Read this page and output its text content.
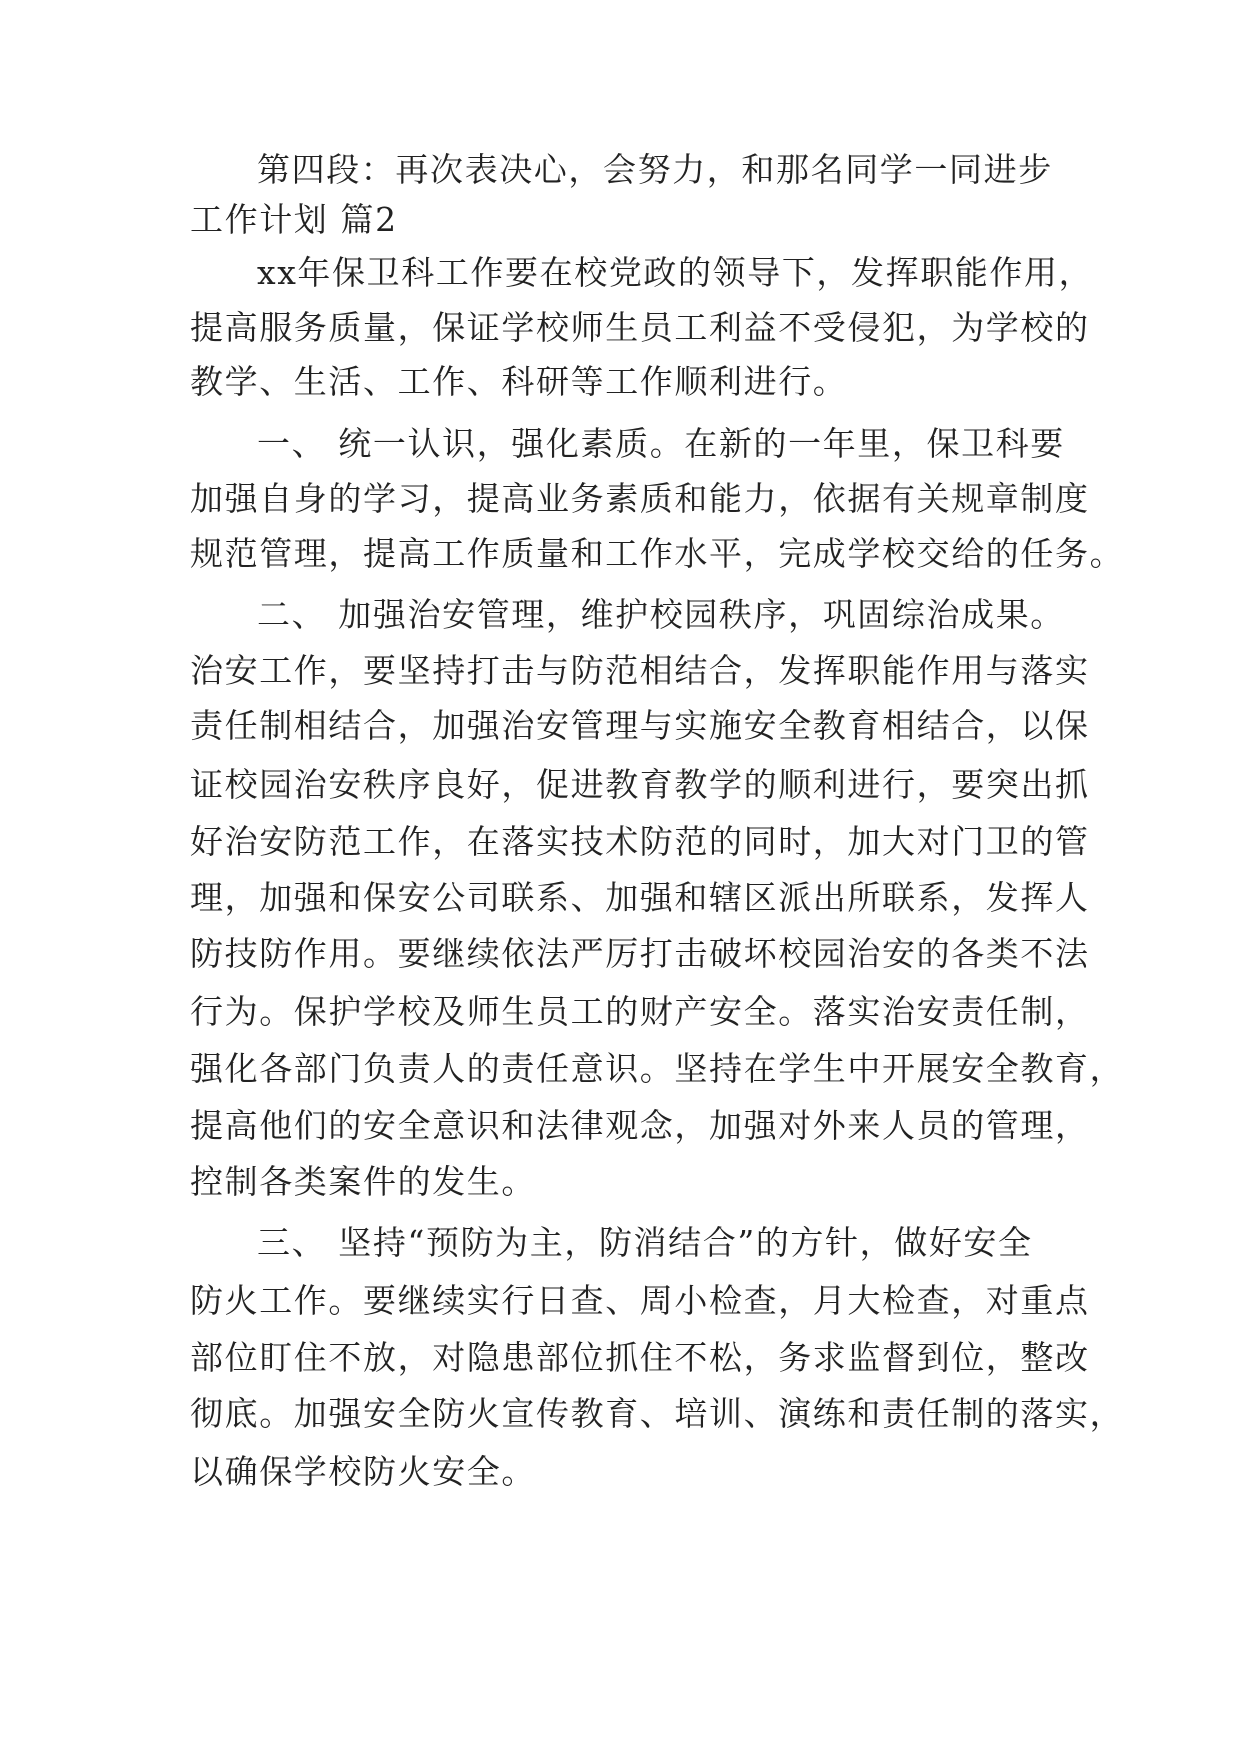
第四段：再次表决心，会努力，和那名同学一同进步
工作计划 篇2
xx年保卫科工作要在校党政的领导下，发挥职能作用，
提高服务质量，保证学校师生员工利益不受侵犯，为学校的
教学、生活、工作、科研等工作顺利进行。
一、 统一认识，强化素质。在新的一年里，保卫科要
加强自身的学习，提高业务素质和能力，依据有关规章制度
规范管理，提高工作质量和工作水平，完成学校交给的任务。
二、 加强治安管理，维护校园秩序，巩固综治成果。
治安工作，要坚持打击与防范相结合，发挥职能作用与落实
责任制相结合，加强治安管理与实施安全教育相结合，以保
证校园治安秩序良好，促进教育教学的顺利进行，要突出抓
好治安防范工作，在落实技术防范的同时，加大对门卫的管
理，加强和保安公司联系、加强和辖区派出所联系，发挥人
防技防作用。要继续依法严厉打击破坏校园治安的各类不法
行为。保护学校及师生员工的财产安全。落实治安责任制，
强化各部门负责人的责任意识。坚持在学生中开展安全教育，
提高他们的安全意识和法律观念，加强对外来人员的管理，
控制各类案件的发生。
三、 坚持“预防为主，防消结合”的方针，做好安全
防火工作。要继续实行日查、周小检查，月大检查，对重点
部位盯住不放，对隐患部位抓住不松，务求监督到位，整改
彻底。加强安全防火宣传教育、培训、演练和责任制的落实，
以确保学校防火安全。
